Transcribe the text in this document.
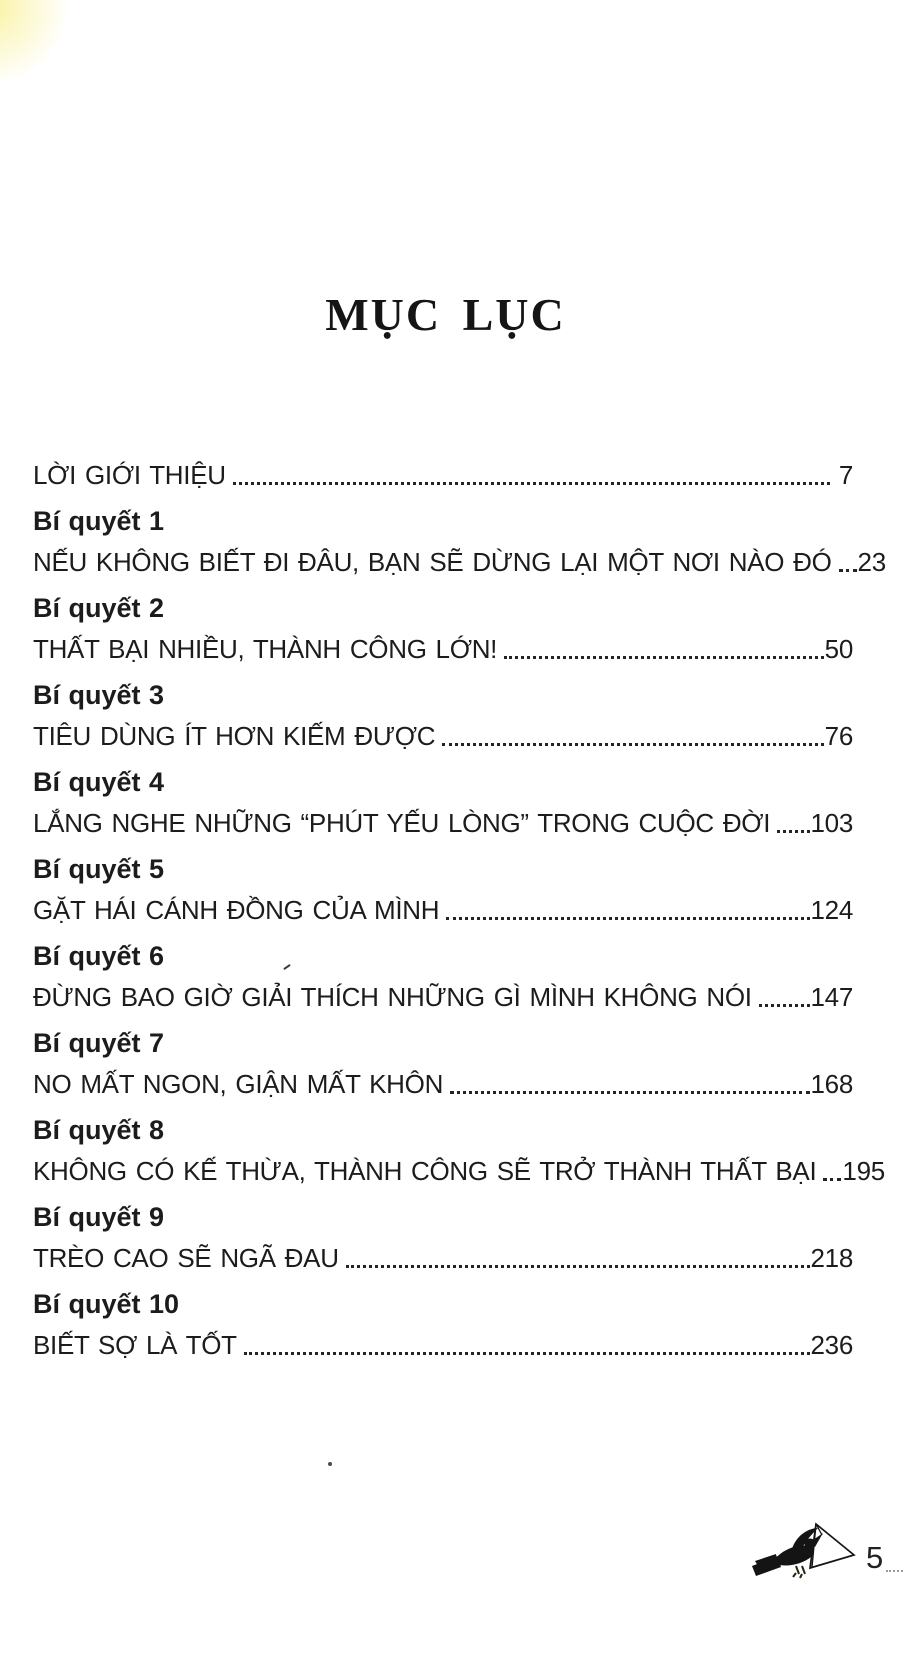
MỤC LỤC
LỜI GIỚI THIỆU	7
Bí quyết 1
NẾU KHÔNG BIẾT ĐI ĐÂU, BẠN SẼ DỪNG LẠI MỘT NƠI NÀO ĐÓ 23
Bí quyết 2
THẤT BẠI NHIỀU, THÀNH CÔNG LỚN!	50
Bí quyết 3
TIÊU DÙNG ÍT HƠN KIẾM ĐƯỢC	76
Bí quyết 4
LẮNG NGHE NHỮNG “PHÚT YẾU LÒNG” TRONG CUỘC ĐỜI 103
Bí quyết 5
GẶT HÁI CÁNH ĐỒNG CỦA MÌNH	124
Bí quyết 6
ĐỪNG BAO GIỜ GIẢI THÍCH NHỮNG GÌ MÌNH KHÔNG NÓI 147
Bí quyết 7
NO MẤT NGON, GIẬN MẤT KHÔN	168
Bí quyết 8
KHÔNG CÓ KẾ THỪA, THÀNH CÔNG SẼ TRỞ THÀNH THẤT BẠI 195
Bí quyết 9
TRÈO CAO SẼ NGÃ ĐAU	218
Bí quyết 10
BIẾT SỢ LÀ TỐT	236
5
